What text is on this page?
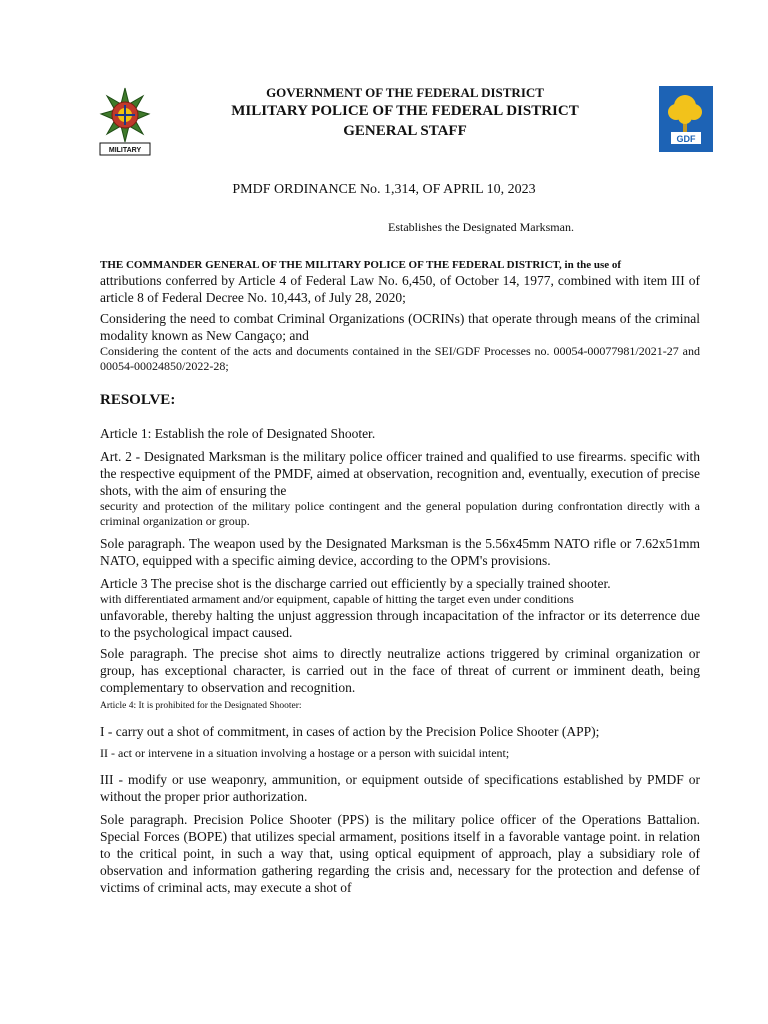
MILITARY
GDF
GOVERNMENT OF THE FEDERAL DISTRICT
MILITARY POLICE OF THE FEDERAL DISTRICT
GENERAL STAFF
PMDF ORDINANCE No. 1,314, OF APRIL 10, 2023
Establishes the Designated Marksman.

THE COMMANDER GENERAL OF THE MILITARY POLICE OF THE FEDERAL DISTRICT, in the use of

attributions conferred by Article 4 of Federal Law No. 6,450, of October 14, 1977, combined with item III of article 8 of Federal Decree No. 10,443, of July 28, 2020;

Considering the need to combat Criminal Organizations (OCRINs) that operate through means of the criminal modality known as New Cangaço; and

Considering the content of the acts and documents contained in the SEI/GDF Processes no. 00054-00077981/2021-27 and 00054-00024850/2022-28;

RESOLVE:

Article 1: Establish the role of Designated Shooter.

Art. 2 - Designated Marksman is the military police officer trained and qualified to use firearms. specific with the respective equipment of the PMDF, aimed at observation, recognition and, eventually, execution of precise shots, with the aim of ensuring the

security and protection of the military police contingent and the general population during confrontation directly with a criminal organization or group.

Sole paragraph. The weapon used by the Designated Marksman is the 5.56x45mm NATO rifle or 7.62x51mm NATO, equipped with a specific aiming device, according to the OPM's provisions.

Article 3 The precise shot is the discharge carried out efficiently by a specially trained shooter.

with differentiated armament and/or equipment, capable of hitting the target even under conditions

unfavorable, thereby halting the unjust aggression through incapacitation of the infractor or its deterrence due to the psychological impact caused.

Sole paragraph. The precise shot aims to directly neutralize actions triggered by criminal organization or group, has exceptional character, is carried out in the face of threat of current or imminent death, being complementary to observation and recognition.

Article 4: It is prohibited for the Designated Shooter:

I - carry out a shot of commitment, in cases of action by the Precision Police Shooter (APP);

II - act or intervene in a situation involving a hostage or a person with suicidal intent;

III - modify or use weaponry, ammunition, or equipment outside of specifications established by PMDF or without the proper prior authorization.

Sole paragraph. Precision Police Shooter (PPS) is the military police officer of the Operations Battalion. Special Forces (BOPE) that utilizes special armament, positions itself in a favorable vantage point. in relation to the critical point, in such a way that, using optical equipment of approach, play a subsidiary role of observation and information gathering regarding the crisis and, necessary for the protection and defense of victims of criminal acts, may execute a shot of
